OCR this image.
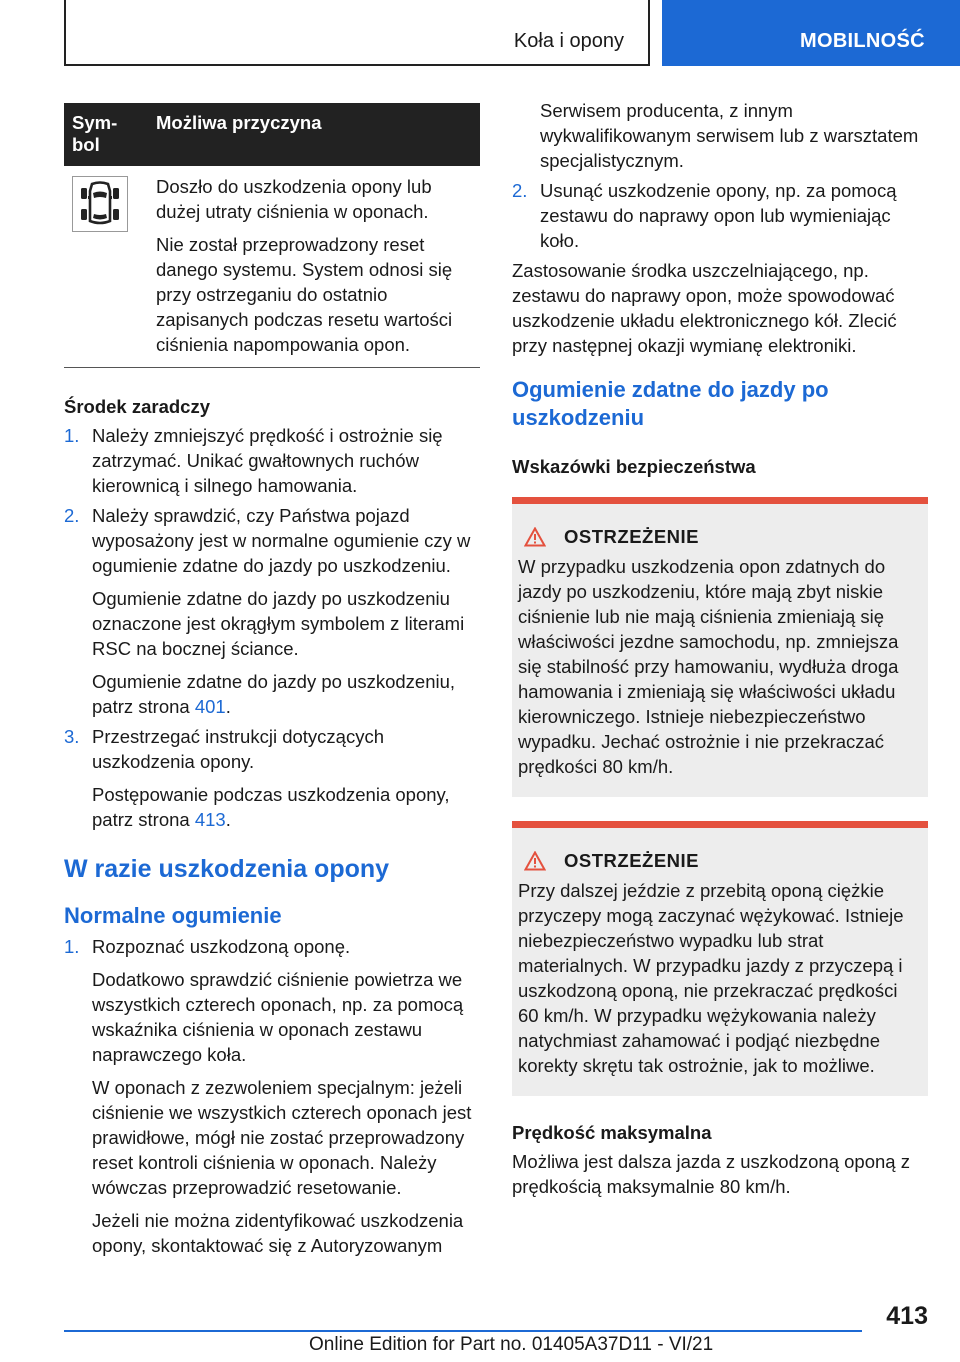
Koła i opony	MOBILNOŚĆ
Sym- bol	Możliwa przyczyna

Doszło do uszkodzenia opony lub dużej utraty ciśnienia w oponach.

Nie został przeprowadzony reset danego systemu. System odnosi się przy ostrzeganiu do ostatnio zapisanych podczas resetu wartości ciśnienia napompowania opon.

Środek zaradczy
1. Należy zmniejszyć prędkość i ostrożnie się zatrzymać. Unikać gwałtownych ruchów kierownicą i silnego hamowania.

2. Należy sprawdzić, czy Państwa pojazd wyposażony jest w normalne ogumienie czy w ogumienie zdatne do jazdy po uszkodzeniu.

Ogumienie zdatne do jazdy po uszkodzeniu oznaczone jest okrągłym symbolem z literami RSC na bocznej ściance.

Ogumienie zdatne do jazdy po uszkodzeniu, patrz strona 401.

3. Przestrzegać instrukcji dotyczących uszkodzenia opony.

Postępowanie podczas uszkodzenia opony, patrz strona 413.

W razie uszkodzenia opony
Normalne ogumienie
1. Rozpoznać uszkodzoną oponę.

Dodatkowo sprawdzić ciśnienie powietrza we wszystkich czterech oponach, np. za pomocą wskaźnika ciśnienia w oponach zestawu naprawczego koła.

W oponach z zezwoleniem specjalnym: jeżeli ciśnienie we wszystkich czterech oponach jest prawidłowe, mógł nie zostać przeprowadzony reset kontroli ciśnienia w oponach. Należy wówczas przeprowadzić resetowanie.

Jeżeli nie można zidentyfikować uszkodzenia opony, skontaktować się z Autoryzowanym

Serwisem producenta, z innym wykwalifikowanym serwisem lub z warsztatem specjalistycznym.

2. Usunąć uszkodzenie opony, np. za pomocą zestawu do naprawy opon lub wymieniając koło.

Zastosowanie środka uszczelniającego, np. zestawu do naprawy opon, może spowodować uszkodzenie układu elektronicznego kół. Zlecić przy następnej okazji wymianę elektroniki.

Ogumienie zdatne do jazdy po uszkodzeniu
Wskazówki bezpieczeństwa
OSTRZEŻENIE

W przypadku uszkodzenia opon zdatnych do jazdy po uszkodzeniu, które mają zbyt niskie ciśnienie lub nie mają ciśnienia zmieniają się właściwości jezdne samochodu, np. zmniejsza się stabilność przy hamowaniu, wydłuża droga hamowania i zmieniają się właściwości układu kierowniczego. Istnieje niebezpieczeństwo wypadku. Jechać ostrożnie i nie przekraczać prędkości 80 km/h.

OSTRZEŻENIE

Przy dalszej jeździe z przebitą oponą ciężkie przyczepy mogą zaczynać wężykować. Istnieje niebezpieczeństwo wypadku lub strat materialnych. W przypadku jazdy z przyczepą i uszkodzoną oponą, nie przekraczać prędkości 60 km/h. W przypadku wężykowania należy natychmiast zahamować i podjąć niezbędne korekty skrętu tak ostrożnie, jak to możliwe.

Prędkość maksymalna

Możliwa jest dalsza jazda z uszkodzoną oponą z prędkością maksymalnie 80 km/h.

413
Online Edition for Part no. 01405A37D11 - VI/21
